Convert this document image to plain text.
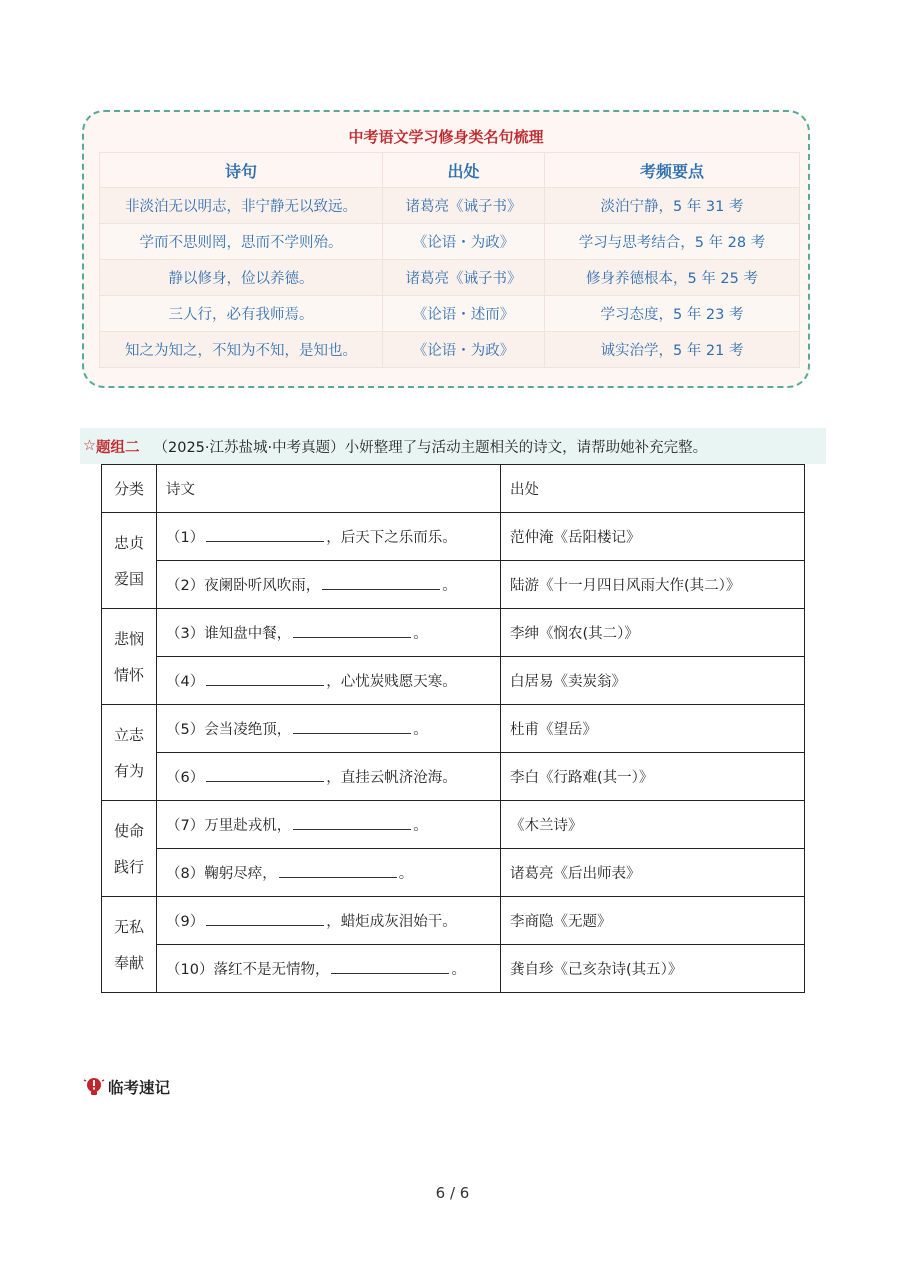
中考语文学习修身类名句梳理
诗句	出处	考频要点
非淡泊无以明志，非宁静无以致远。	诸葛亮《诫子书》	淡泊宁静，5 年 31 考
学而不思则罔，思而不学则殆。	《论语・为政》	学习与思考结合，5 年 28 考
静以修身，俭以养德。	诸葛亮《诫子书》	修身养德根本，5 年 25 考
三人行，必有我师焉。	《论语・述而》	学习态度，5 年 23 考
知之为知之，不知为不知，是知也。	《论语・为政》	诚实治学，5 年 21 考
☆ 题组二 （2025·江苏盐城·中考真题）小妍整理了与活动主题相关的诗文，请帮助她补充完整。
分类	诗文	出处

忠贞
爱国	（1） ，后天下之乐而乐。	范仲淹《岳阳楼记》
	（2）夜阑卧听风吹雨， 。	陆游《十一月四日风雨大作(其二）》

悲悯
情怀	（3）谁知盘中餐， 。	李绅《悯农(其二）》
	（4） ，心忧炭贱愿天寒。	白居易《卖炭翁》

立志
有为	（5）会当凌绝顶， 。	杜甫《望岳》
	（6） ，直挂云帆济沧海。	李白《行路难(其一）》

使命
践行	（7）万里赴戎机， 。	《木兰诗》
	（8）鞠躬尽瘁， 。	诸葛亮《后出师表》

无私
奉献	（9） ，蜡炬成灰泪始干。	李商隐《无题》
	（10）落红不是无情物， 。	龚自珍《己亥杂诗(其五）》
临考速记
6 / 6
